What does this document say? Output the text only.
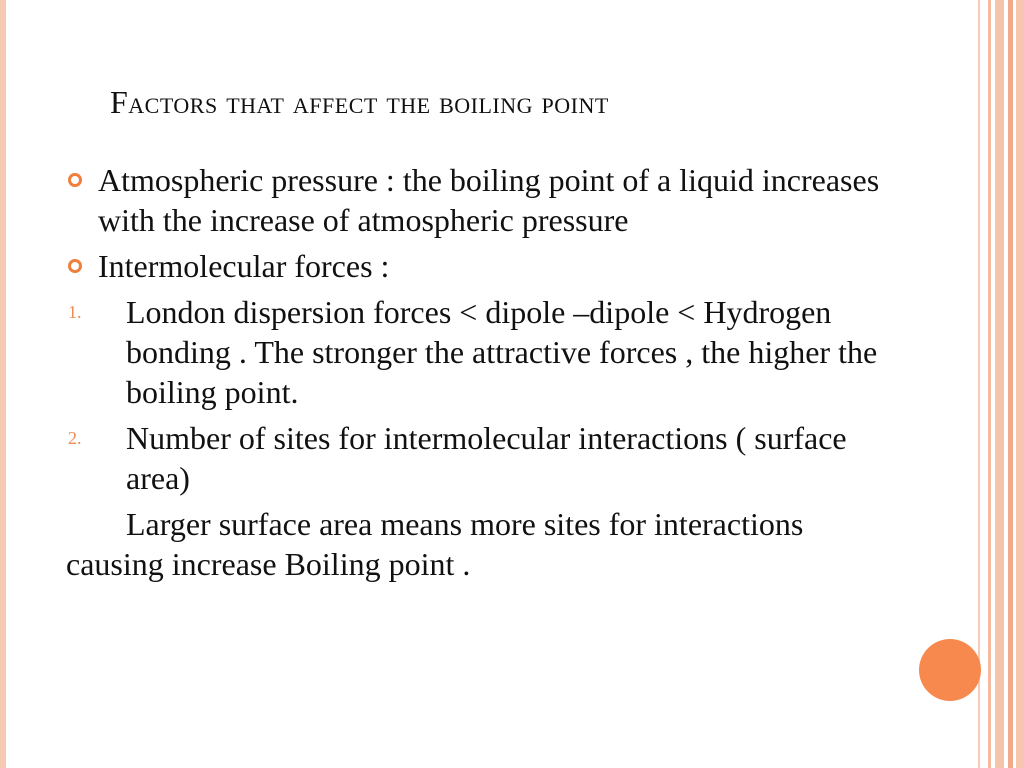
Factors that affect the boiling point
Atmospheric pressure : the boiling point of a liquid increases with the increase of atmospheric pressure
Intermolecular forces :
1. London dispersion forces < dipole –dipole < Hydrogen bonding . The stronger the attractive forces , the higher the boiling point.
2. Number of sites for intermolecular interactions ( surface area)
Larger surface area means more sites for interactions causing increase Boiling point .
